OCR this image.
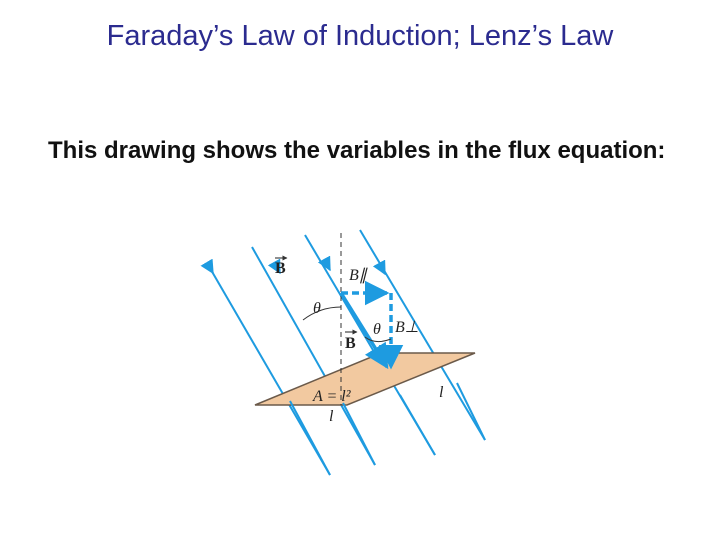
Faraday’s Law of Induction; Lenz’s Law

This drawing shows the variables in the flux equation:

B	B∥
θ
θ B⊥
B
A = l²	l
l
